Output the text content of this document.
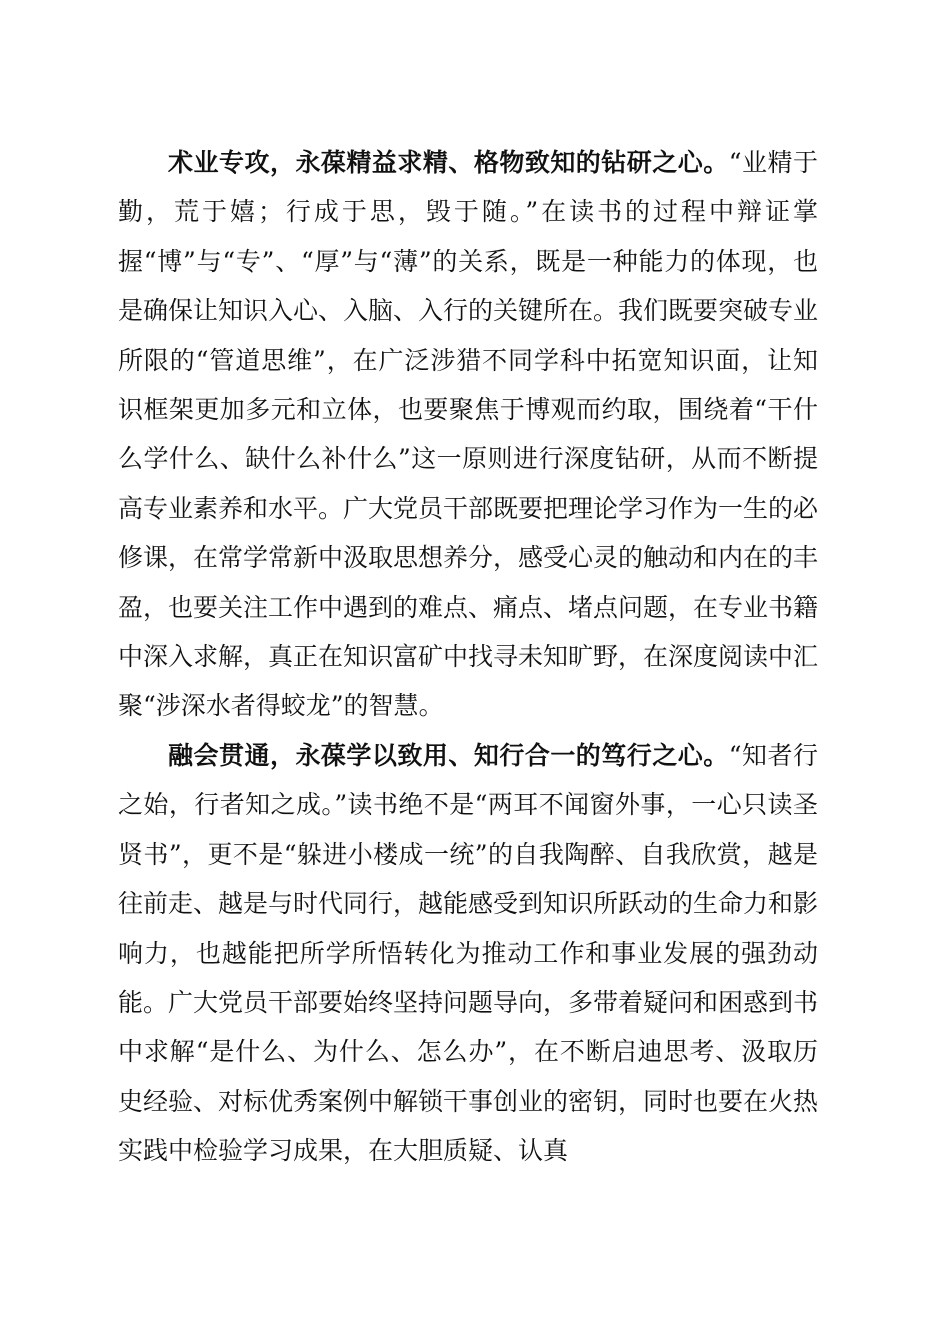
术业专攻，永葆精益求精、格物致知的钻研之心。“业精于勤，荒于嬉；行成于思，毁于随。”在读书的过程中辩证掌握“博”与“专”、“厚”与“薄”的关系，既是一种能力的体现，也是确保让知识入心、入脑、入行的关键所在。我们既要突破专业所限的“管道思维”，在广泛涉猎不同学科中拓宽知识面，让知识框架更加多元和立体，也要聚焦于博观而约取，围绕着“干什么学什么、缺什么补什么”这一原则进行深度钻研，从而不断提高专业素养和水平。广大党员干部既要把理论学习作为一生的必修课，在常学常新中汲取思想养分，感受心灵的触动和内在的丰盈，也要关注工作中遇到的难点、痛点、堵点问题，在专业书籍中深入求解，真正在知识富矿中找寻未知旷野，在深度阅读中汇聚“涉深水者得蛟龙”的智慧。

融会贯通，永葆学以致用、知行合一的笃行之心。“知者行之始，行者知之成。”读书绝不是“两耳不闻窗外事，一心只读圣贤书”，更不是“躲进小楼成一统”的自我陶醉、自我欣赏，越是往前走、越是与时代同行，越能感受到知识所跃动的生命力和影响力，也越能把所学所悟转化为推动工作和事业发展的强劲动能。广大党员干部要始终坚持问题导向，多带着疑问和困惑到书中求解“是什么、为什么、怎么办”，在不断启迪思考、汲取历史经验、对标优秀案例中解锁干事创业的密钥，同时也要在火热实践中检验学习成果，在大胆质疑、认真
